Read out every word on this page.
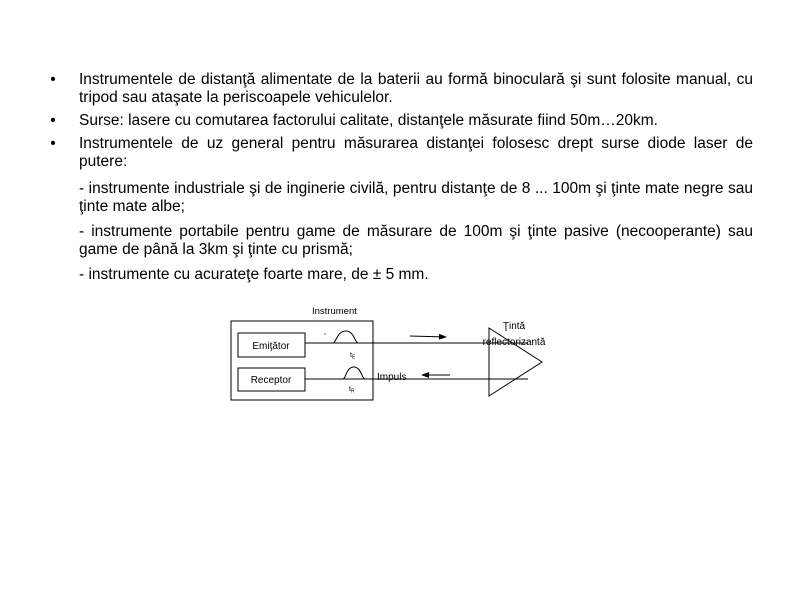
• Instrumentele de distanţă alimentate de la baterii au formă binoculară şi sunt folosite manual, cu tripod sau ataşate la periscoapele vehiculelor.
• Surse: lasere cu comutarea factorului calitate, distanţele măsurate fiind 50m…20km.
• Instrumentele de uz general pentru măsurarea distanţei folosesc drept surse diode laser de putere:

- instrumente industriale şi de inginerie civilă, pentru distanţe de 8 ... 100m şi ţinte mate negre sau ţinte mate albe;

- instrumente portabile pentru game de măsurare de 100m şi ţinte pasive (necooperante) sau game de până la 3km şi ţinte cu prismă;

- instrumente cu acurateţe foarte mare, de ± 5 mm.

Instrument
Emiţător
Receptor
$t_E$
$t_R$
Impuls
Ţintă
reflectorizantă
